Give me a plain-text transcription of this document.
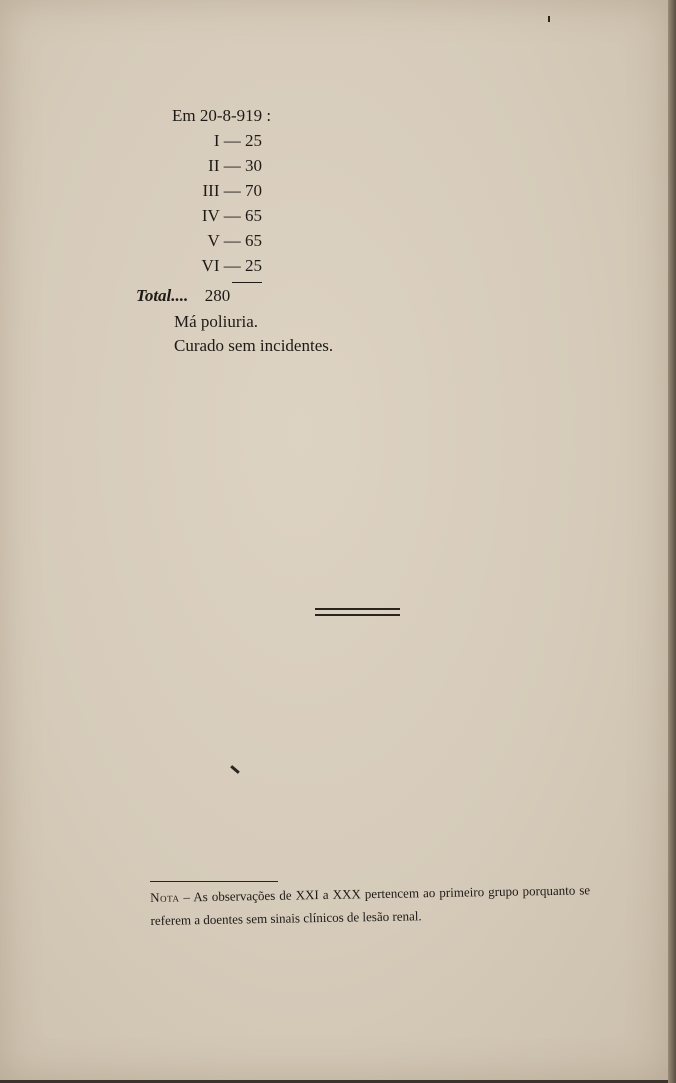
Em 20-8-919 :
I — 25
II — 30
III — 70
IV — 65
V — 65
VI — 25
Total.... 280
Má poliuria.
Curado sem incidentes.
Nota – As observações de XXI a XXX pertencem ao primeiro grupo porquanto se referem a doentes sem sinais clínicos de lesão renal.
